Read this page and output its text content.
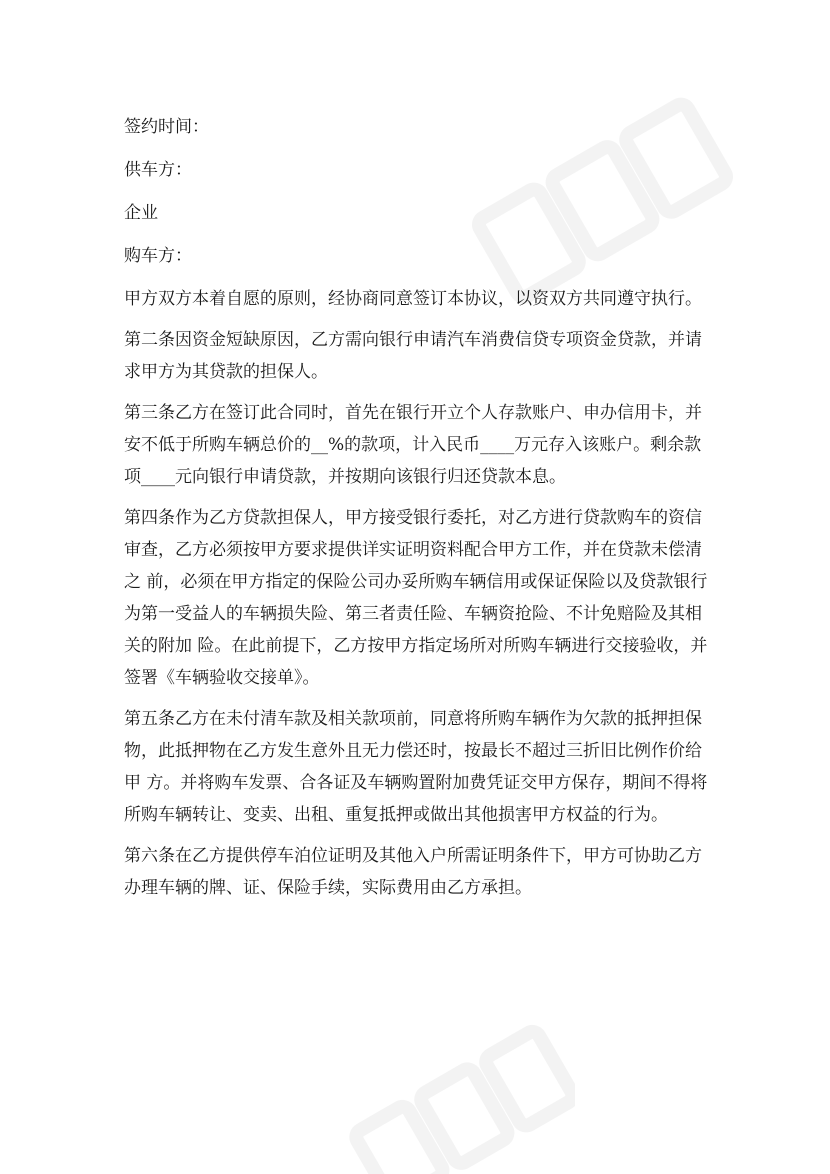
签约时间：
供车方：
企业
购车方：

甲方双方本着自愿的原则，经协商同意签订本协议，以资双方共同遵守执行。

第二条因资金短缺原因，乙方需向银行申请汽车消费信贷专项资金贷款，并请
求甲方为其贷款的担保人。

第三条乙方在签订此合同时，首先在银行开立个人存款账户、申办信用卡，并
安不低于所购车辆总价的__%的款项，计入民币____万元存入该账户。剩余款
项____元向银行申请贷款，并按期向该银行归还贷款本息。

第四条作为乙方贷款担保人，甲方接受银行委托，对乙方进行贷款购车的资信
审查，乙方必须按甲方要求提供详实证明资料配合甲方工作，并在贷款未偿清
之 前，必须在甲方指定的保险公司办妥所购车辆信用或保证保险以及贷款银行
为第一受益人的车辆损失险、第三者责任险、车辆资抢险、不计免赔险及其相
关的附加 险。在此前提下，乙方按甲方指定场所对所购车辆进行交接验收，并
签署《车辆验收交接单》。

第五条乙方在未付清车款及相关款项前，同意将所购车辆作为欠款的抵押担保
物，此抵押物在乙方发生意外且无力偿还时，按最长不超过三折旧比例作价给
甲 方。并将购车发票、合各证及车辆购置附加费凭证交甲方保存，期间不得将
所购车辆转让、变卖、出租、重复抵押或做出其他损害甲方权益的行为。

第六条在乙方提供停车泊位证明及其他入户所需证明条件下，甲方可协助乙方
办理车辆的牌、证、保险手续，实际费用由乙方承担。
